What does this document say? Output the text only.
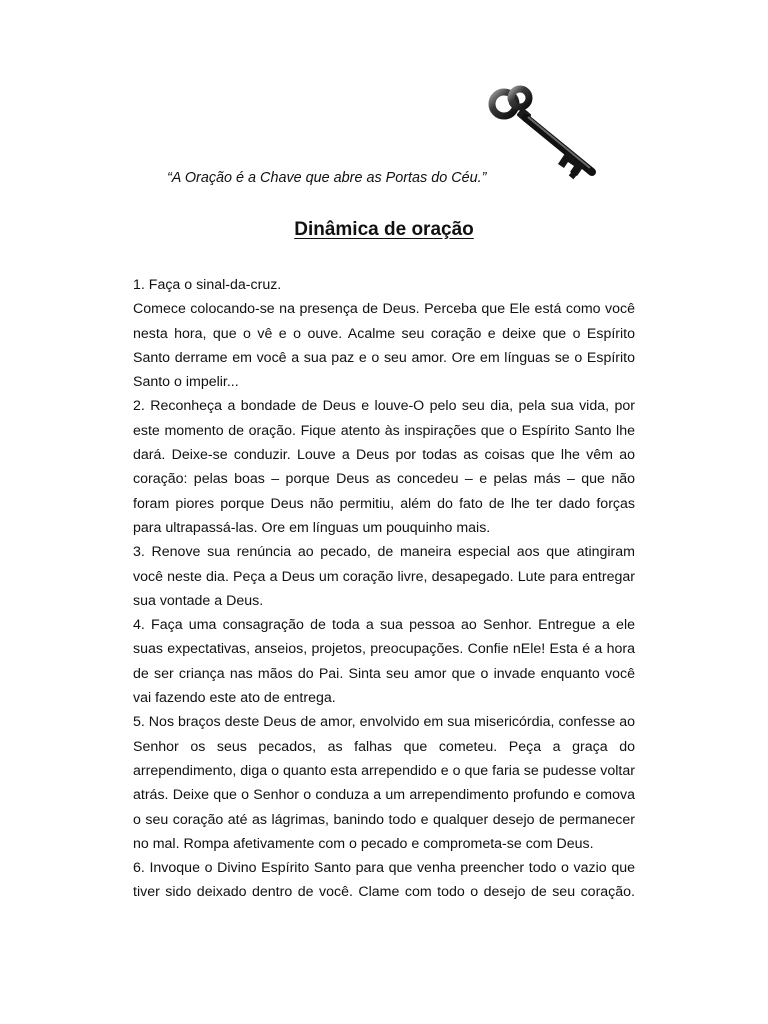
“A Oração é a Chave que abre as Portas do Céu.”
Dinâmica de oração
1. Faça o sinal-da-cruz.
Comece colocando-se na presença de Deus. Perceba que Ele está como você
nesta hora, que o vê e o ouve. Acalme seu coração e deixe que o Espírito
Santo derrame em você a sua paz e o seu amor. Ore em línguas se o Espírito
Santo o impelir...
2. Reconheça a bondade de Deus e louve-O pelo seu dia, pela sua vida, por
este momento de oração. Fique atento às inspirações que o Espírito Santo lhe
dará. Deixe-se conduzir. Louve a Deus por todas as coisas que lhe vêm ao
coração: pelas boas – porque Deus as concedeu – e pelas más – que não
foram piores porque Deus não permitiu, além do fato de lhe ter dado forças
para ultrapassá-las. Ore em línguas um pouquinho mais.
3. Renove sua renúncia ao pecado, de maneira especial aos que atingiram
você neste dia. Peça a Deus um coração livre, desapegado. Lute para entregar
sua vontade a Deus.
4. Faça uma consagração de toda a sua pessoa ao Senhor. Entregue a ele
suas expectativas, anseios, projetos, preocupações. Confie nEle! Esta é a hora
de ser criança nas mãos do Pai. Sinta seu amor que o invade enquanto você
vai fazendo este ato de entrega.
5. Nos braços deste Deus de amor, envolvido em sua misericórdia, confesse ao
Senhor os seus pecados, as falhas que cometeu. Peça a graça do
arrependimento, diga o quanto esta arrependido e o que faria se pudesse voltar
atrás. Deixe que o Senhor o conduza a um arrependimento profundo e comova
o seu coração até as lágrimas, banindo todo e qualquer desejo de permanecer
no mal. Rompa afetivamente com o pecado e comprometa-se com Deus.
6. Invoque o Divino Espírito Santo para que venha preencher todo o vazio que
tiver sido deixado dentro de você. Clame com todo o desejo de seu coração.
